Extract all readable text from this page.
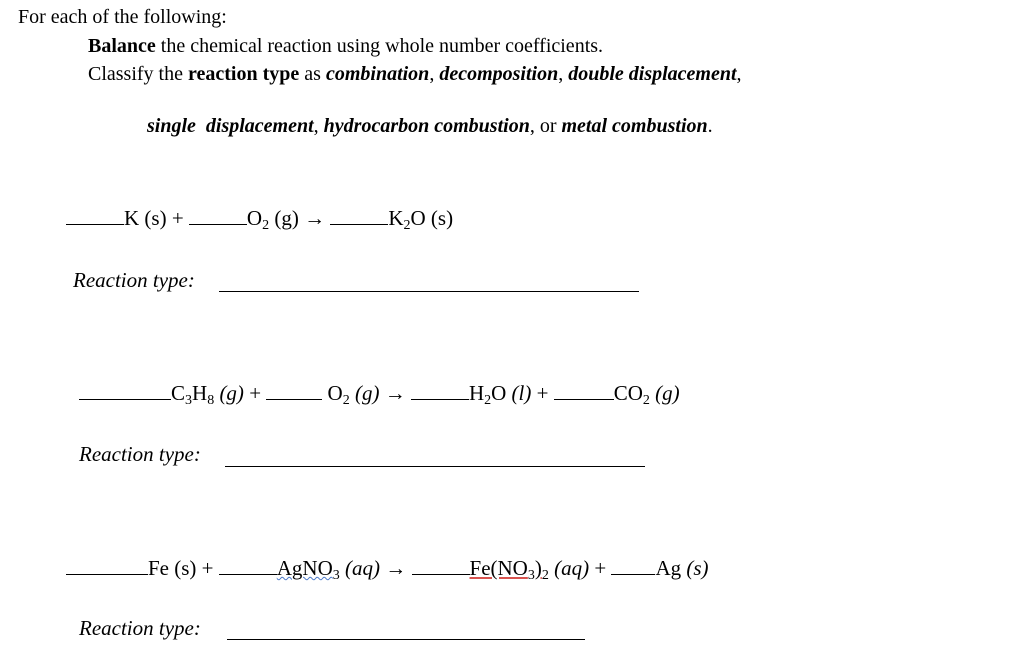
For each of the following:
Balance the chemical reaction using whole number coefficients.
Classify the reaction type as combination, decomposition, double displacement,

single  displacement, hydrocarbon combustion, or metal combustion.

K (s) +	$O_2$ (g) →	$K_2O$ (s)
Reaction type:
$C_3H_8$ (g) +	$O_2$ (g) →	$H_2O$ (l) +	$CO_2$ (g)
Reaction type:
Fe (s) +	AgNO$_3$ (aq) →	$Fe(NO_3)_2$ (aq) + Ag (s)
Reaction type:
